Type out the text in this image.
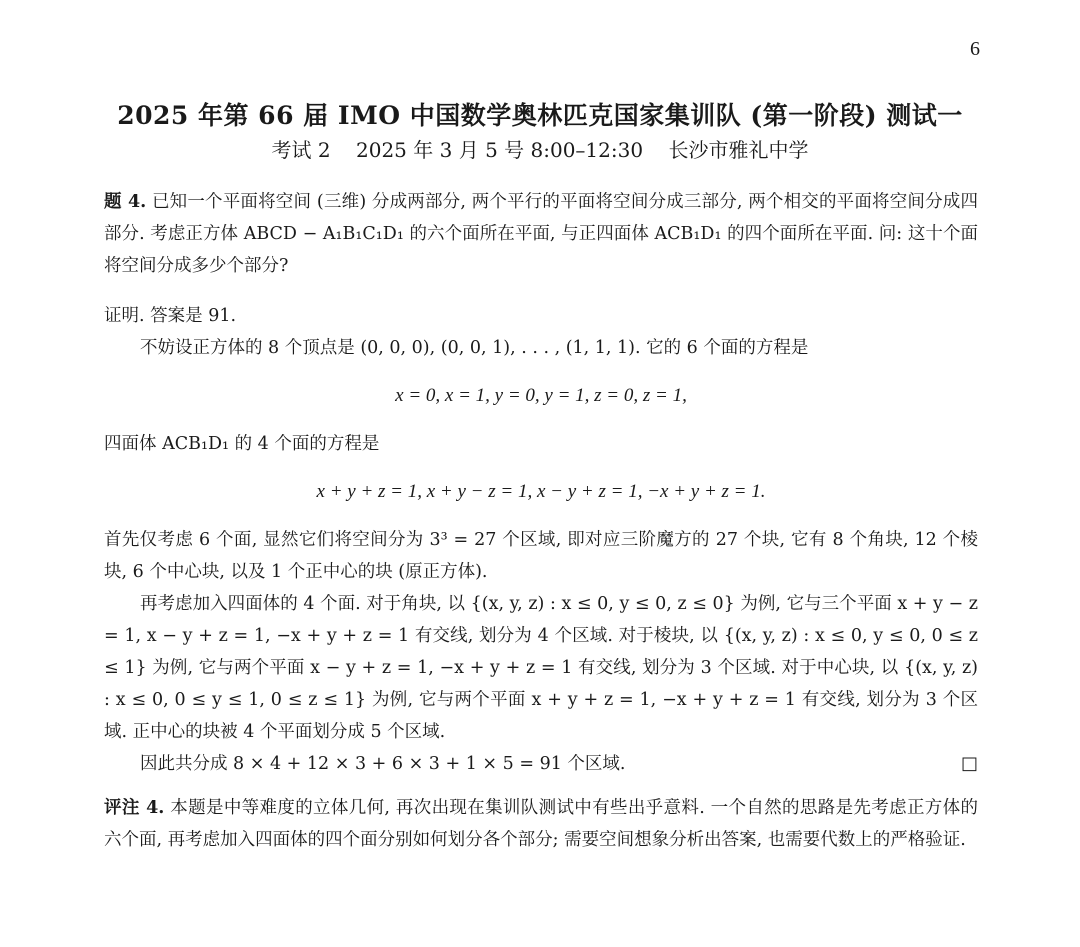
6
2025 年第 66 届 IMO 中国数学奥林匹克国家集训队 (第一阶段) 测试一
考试 2    2025 年 3 月 5 号 8:00–12:30    长沙市雅礼中学

题 4. 已知一个平面将空间 (三维) 分成两部分, 两个平行的平面将空间分成三部分, 两个相交的平面将空间分成四部分. 考虑正方体 ABCD − A₁B₁C₁D₁ 的六个面所在平面, 与正四面体 ACB₁D₁ 的四个面所在平面. 问: 这十个面将空间分成多少个部分?

证明. 答案是 91.

不妨设正方体的 8 个顶点是 (0, 0, 0), (0, 0, 1), . . . , (1, 1, 1). 它的 6 个面的方程是

x = 0, x = 1, y = 0, y = 1, z = 0, z = 1,

四面体 ACB₁D₁ 的 4 个面的方程是

x + y + z = 1, x + y − z = 1, x − y + z = 1, −x + y + z = 1.

首先仅考虑 6 个面, 显然它们将空间分为 3³ = 27 个区域, 即对应三阶魔方的 27 个块, 它有 8 个角块, 12 个棱块, 6 个中心块, 以及 1 个正中心的块 (原正方体).

再考虑加入四面体的 4 个面. 对于角块, 以 {(x, y, z) : x ≤ 0, y ≤ 0, z ≤ 0} 为例, 它与三个平面 x + y − z = 1, x − y + z = 1, −x + y + z = 1 有交线, 划分为 4 个区域. 对于棱块, 以 {(x, y, z) : x ≤ 0, y ≤ 0, 0 ≤ z ≤ 1} 为例, 它与两个平面 x − y + z = 1, −x + y + z = 1 有交线, 划分为 3 个区域. 对于中心块, 以 {(x, y, z) : x ≤ 0, 0 ≤ y ≤ 1, 0 ≤ z ≤ 1} 为例, 它与两个平面 x + y + z = 1, −x + y + z = 1 有交线, 划分为 3 个区域. 正中心的块被 4 个平面划分成 5 个区域.

因此共分成 8 × 4 + 12 × 3 + 6 × 3 + 1 × 5 = 91 个区域.	□

评注 4. 本题是中等难度的立体几何, 再次出现在集训队测试中有些出乎意料. 一个自然的思路是先考虑正方体的六个面, 再考虑加入四面体的四个面分别如何划分各个部分; 需要空间想象分析出答案, 也需要代数上的严格验证.
